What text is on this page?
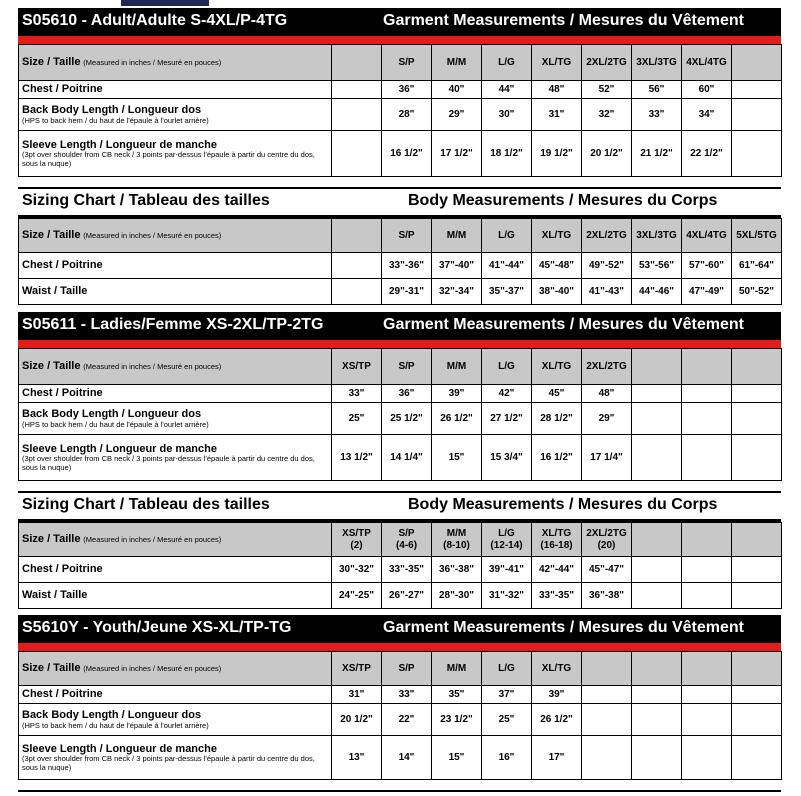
S05610 - Adult/Adulte S-4XL/P-4TG	Garment Measurements / Mesures du Vêtement
Size / Taille (Measured in inches / Mesuré en pouces)		S/P	M/M	L/G	XL/TG	2XL/2TG	3XL/3TG	4XL/4TG	
Chest / Poitrine		36"	40"	44"	48"	52"	56"	60"	
Back Body Length / Longueur dos
(HPS to back hem / du haut de l'épaule à l'ourlet arrière)		28"	29"	30"	31"	32"	33"	34"	
Sleeve Length / Longueur de manche
(3pt over shoulder from CB neck / 3 points par-dessus l'épaule à partir du centre du dos, sous la nuque)		16 1/2"	17 1/2"	18 1/2"	19 1/2"	20 1/2"	21 1/2"	22 1/2"	
Sizing Chart / Tableau des tailles	Body Measurements / Mesures du Corps
Size / Taille (Measured in inches / Mesuré en pouces)		S/P	M/M	L/G	XL/TG	2XL/2TG	3XL/3TG	4XL/4TG	5XL/5TG
Chest / Poitrine		33"-36"	37"-40"	41"-44"	45"-48"	49"-52"	53"-56"	57"-60"	61"-64"
Waist / Taille		29"-31"	32"-34"	35"-37"	38"-40"	41"-43"	44"-46"	47"-49"	50"-52"
S05611 - Ladies/Femme XS-2XL/TP-2TG	Garment Measurements / Mesures du Vêtement
Size / Taille (Measured in inches / Mesuré en pouces)	XS/TP	S/P	M/M	L/G	XL/TG	2XL/2TG			
Chest / Poitrine	33"	36"	39"	42"	45"	48"			
Back Body Length / Longueur dos
(HPS to back hem / du haut de l'épaule à l'ourlet arrière)	25"	25 1/2"	26 1/2"	27 1/2"	28 1/2"	29"			
Sleeve Length / Longueur de manche
(3pt over shoulder from CB neck / 3 points par-dessus l'épaule à partir du centre du dos, sous la nuque)	13 1/2"	14 1/4"	15"	15 3/4"	16 1/2"	17 1/4"			
Sizing Chart / Tableau des tailles	Body Measurements / Mesures du Corps
Size / Taille (Measured in inches / Mesuré en pouces)	XS/TP
(2)	S/P
(4-6)	M/M
(8-10)	L/G
(12-14)	XL/TG
(16-18)	2XL/2TG
(20)			
Chest / Poitrine	30"-32"	33"-35"	36"-38"	39"-41"	42"-44"	45"-47"			
Waist / Taille	24"-25"	26"-27"	28"-30"	31"-32"	33"-35"	36"-38"			
S5610Y - Youth/Jeune XS-XL/TP-TG	Garment Measurements / Mesures du Vêtement
Size / Taille (Measured in inches / Mesuré en pouces)	XS/TP	S/P	M/M	L/G	XL/TG				
Chest / Poitrine	31"	33"	35"	37"	39"				
Back Body Length / Longueur dos
(HPS to back hem / du haut de l'épaule à l'ourlet arrière)	20 1/2"	22"	23 1/2"	25"	26 1/2"				
Sleeve Length / Longueur de manche
(3pt over shoulder from CB neck / 3 points par-dessus l'épaule à partir du centre du dos, sous la nuque)	13"	14"	15"	16"	17"				
